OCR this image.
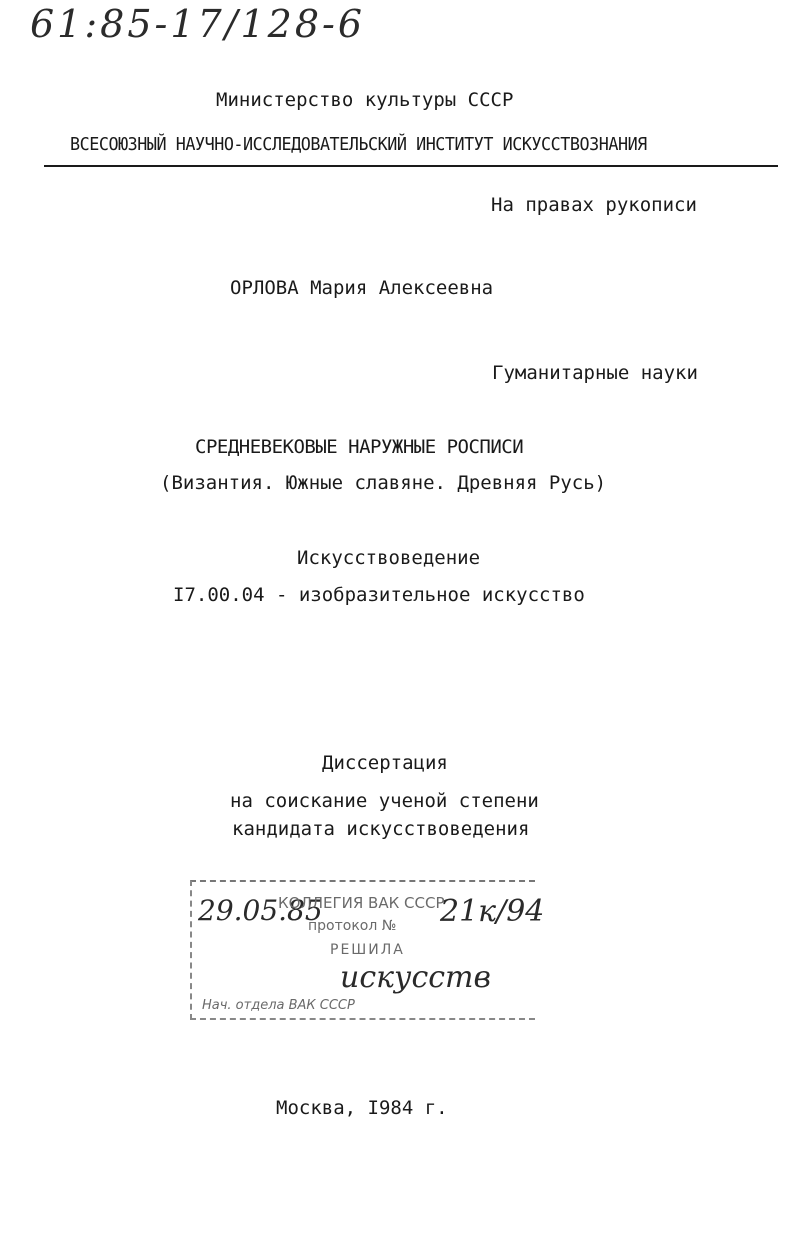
61:85-17/128-6
Министерство культуры СССР
ВСЕСОЮЗНЫЙ НАУЧНО-ИССЛЕДОВАТЕЛЬСКИЙ ИНСТИТУТ ИСКУССТВОЗНАНИЯ
На правах рукописи
ОРЛОВА Мария Алексеевна
Гуманитарные науки
СРЕДНЕВЕКОВЫЕ НАРУЖНЫЕ РОСПИСИ
(Византия. Южные славяне. Древняя Русь)
Искусствоведение
I7.00.04 - изобразительное искусство
Диссертация
на соискание ученой степени
кандидата искусствоведения
29.05.85
КОЛЛЕГИЯ ВАК СССР
протокол № 21к/94
РЕШИЛА
искусств
Нач. отдела ВАК СССР
Москва, I984 г.
